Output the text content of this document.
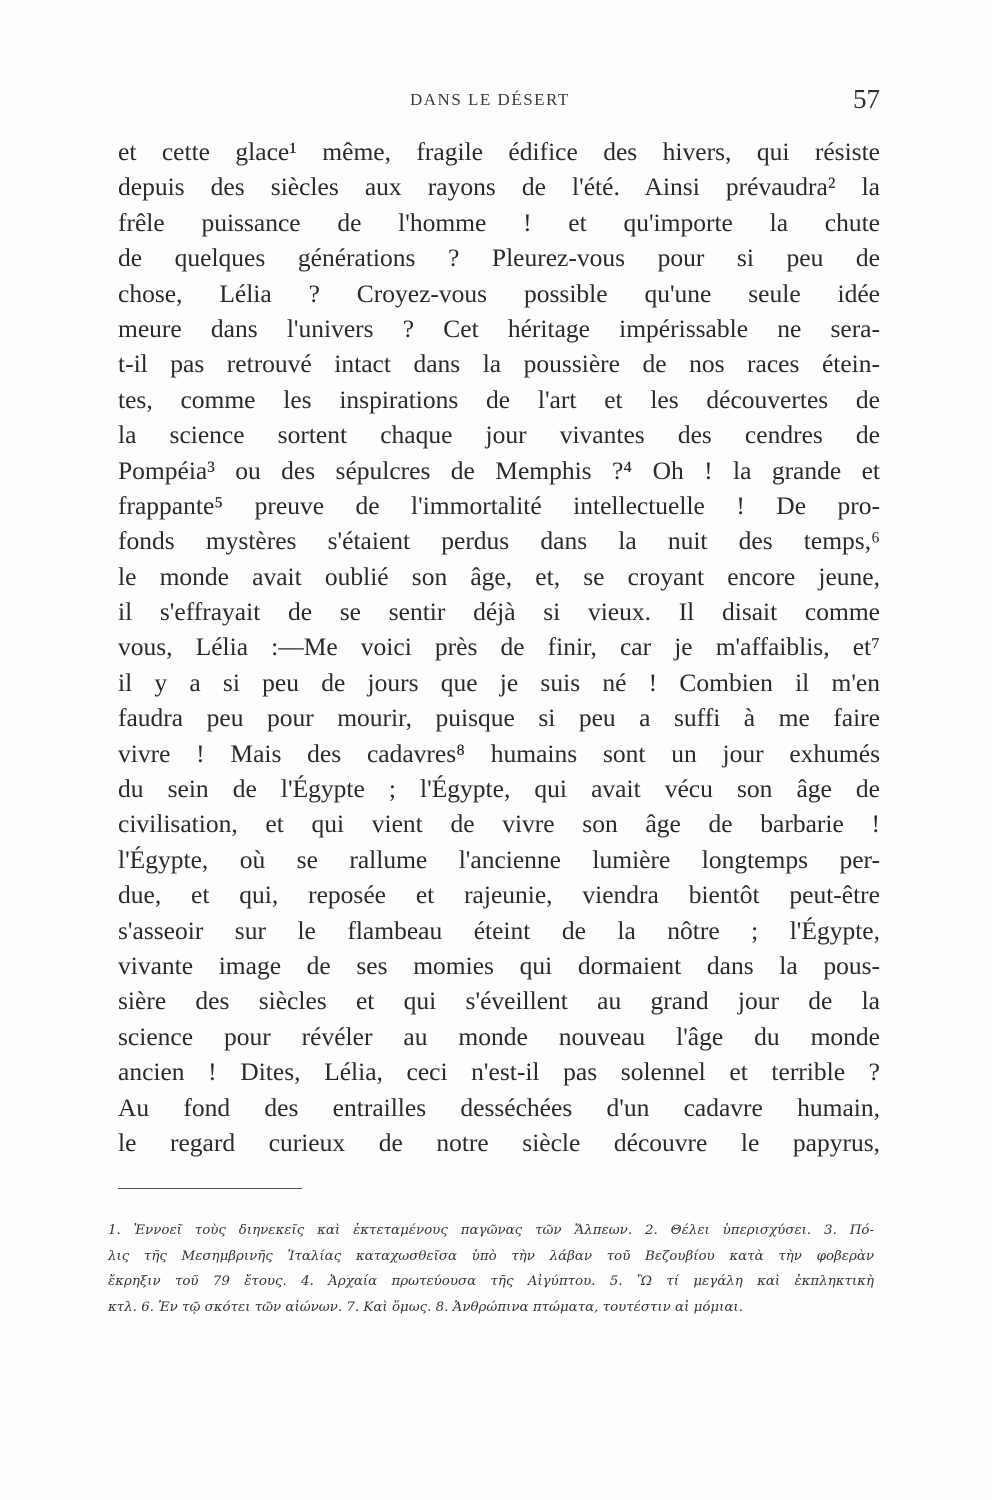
DANS LE DÉSERT	57
et cette glace¹ même, fragile édifice des hivers, qui résiste
depuis des siècles aux rayons de l'été. Ainsi prévaudra² la
frêle puissance de l'homme ! et qu'importe la chute
de quelques générations ? Pleurez-vous pour si peu de
chose, Lélia ? Croyez-vous possible qu'une seule idée
meure dans l'univers ? Cet héritage impérissable ne sera-
t-il pas retrouvé intact dans la poussière de nos races étein-
tes, comme les inspirations de l'art et les découvertes de
la science sortent chaque jour vivantes des cendres de
Pompéia³ ou des sépulcres de Memphis ?⁴ Oh ! la grande et
frappante⁵ preuve de l'immortalité intellectuelle ! De pro-
fonds mystères s'étaient perdus dans la nuit des temps,⁶
le monde avait oublié son âge, et, se croyant encore jeune,
il s'effrayait de se sentir déjà si vieux. Il disait comme
vous, Lélia :—Me voici près de finir, car je m'affaiblis, et⁷
il y a si peu de jours que je suis né ! Combien il m'en
faudra peu pour mourir, puisque si peu a suffi à me faire
vivre ! Mais des cadavres⁸ humains sont un jour exhumés
du sein de l'Égypte ; l'Égypte, qui avait vécu son âge de
civilisation, et qui vient de vivre son âge de barbarie !
l'Égypte, où se rallume l'ancienne lumière longtemps per-
due, et qui, reposée et rajeunie, viendra bientôt peut-être
s'asseoir sur le flambeau éteint de la nôtre ; l'Égypte,
vivante image de ses momies qui dormaient dans la pous-
sière des siècles et qui s'éveillent au grand jour de la
science pour révéler au monde nouveau l'âge du monde
ancien ! Dites, Lélia, ceci n'est-il pas solennel et terrible ?
Au fond des entrailles desséchées d'un cadavre humain,
le regard curieux de notre siècle découvre le papyrus,
1. Ἐννοεῖ τοὺς διηνεκεῖς καὶ ἐκτεταμένους παγῶνας τῶν Ἄλπεων. 2. Θέλει ὑπερισχύσει. 3. Πό-
λις τῆς Μεσημβρινῆς Ἰταλίας καταχωσθεῖσα ὑπὸ τὴν λάβαν τοῦ Βεζουβίου κατὰ τὴν φοβερὰν
ἔκρηξιν τοῦ 79 ἔτους. 4. Ἀρχαία πρωτεύουσα τῆς Αἰγύπτου. 5. Ὢ τί μεγάλη καὶ ἐκπληκτικὴ
κτλ. 6. Ἐν τῷ σκότει τῶν αἰώνων. 7. Καὶ ὅμως. 8. Ἀνθρώπινα πτώματα, τουτέστιν αἱ μόμιαι.
